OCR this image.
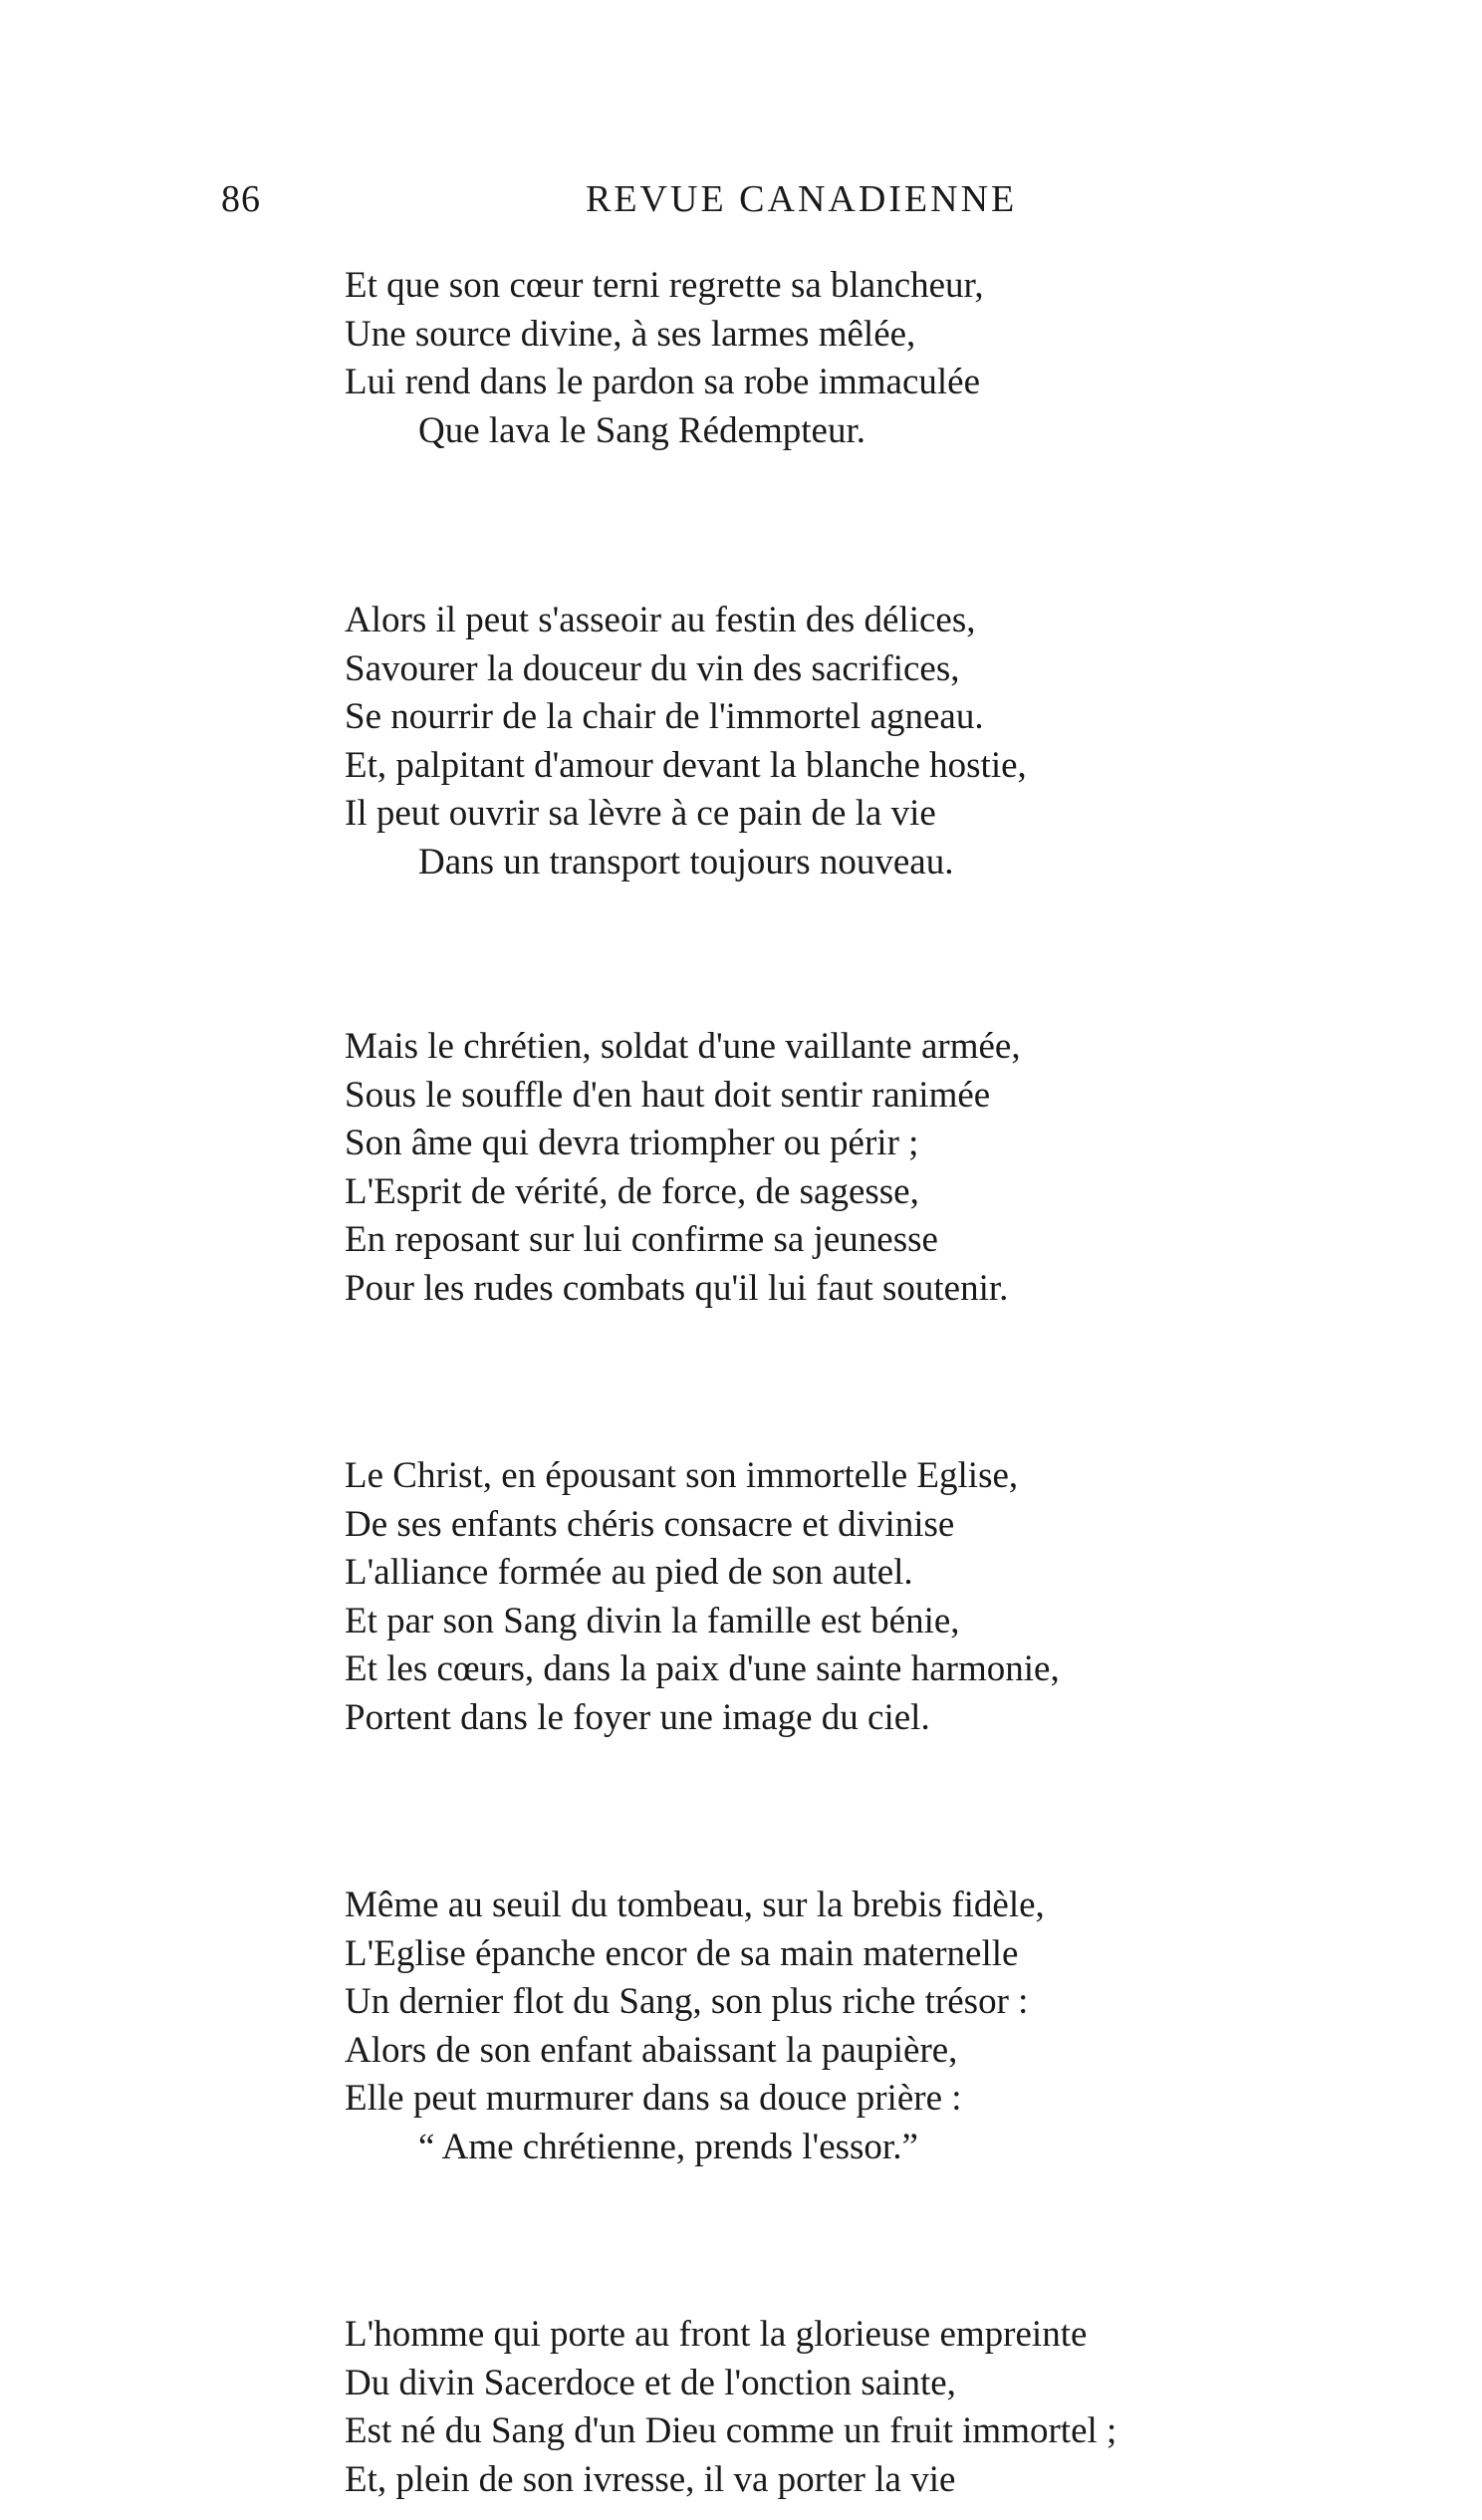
86	REVUE CANADIENNE
Et que son cœur terni regrette sa blancheur,
Une source divine, à ses larmes mêlée,
Lui rend dans le pardon sa robe immaculée
Que lava le Sang Rédempteur.
Alors il peut s'asseoir au festin des délices,
Savourer la douceur du vin des sacrifices,
Se nourrir de la chair de l'immortel agneau.
Et, palpitant d'amour devant la blanche hostie,
Il peut ouvrir sa lèvre à ce pain de la vie
Dans un transport toujours nouveau.
Mais le chrétien, soldat d'une vaillante armée,
Sous le souffle d'en haut doit sentir ranimée
Son âme qui devra triompher ou périr ;
L'Esprit de vérité, de force, de sagesse,
En reposant sur lui confirme sa jeunesse
Pour les rudes combats qu'il lui faut soutenir.
Le Christ, en épousant son immortelle Eglise,
De ses enfants chéris consacre et divinise
L'alliance formée au pied de son autel.
Et par son Sang divin la famille est bénie,
Et les cœurs, dans la paix d'une sainte harmonie,
Portent dans le foyer une image du ciel.
Même au seuil du tombeau, sur la brebis fidèle,
L'Eglise épanche encor de sa main maternelle
Un dernier flot du Sang, son plus riche trésor :
Alors de son enfant abaissant la paupière,
Elle peut murmurer dans sa douce prière :
“ Ame chrétienne, prends l'essor.”
L'homme qui porte au front la glorieuse empreinte
Du divin Sacerdoce et de l'onction sainte,
Est né du Sang d'un Dieu comme un fruit immortel ;
Et, plein de son ivresse, il va porter la vie
